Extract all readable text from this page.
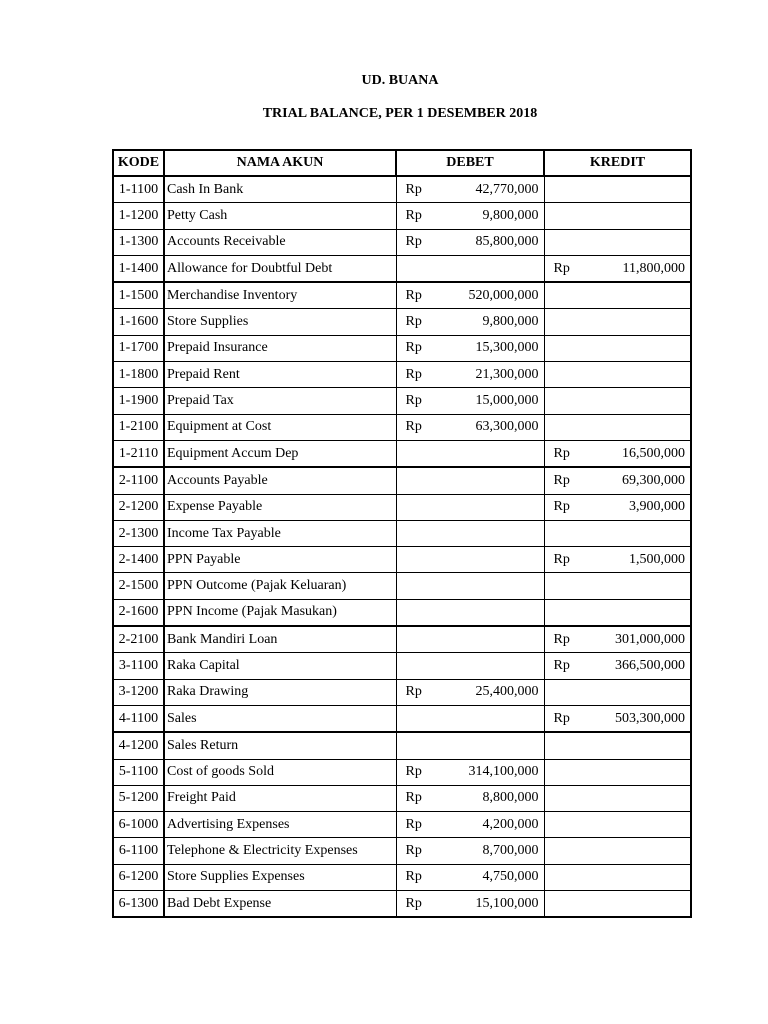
UD. BUANA
TRIAL BALANCE, PER 1 DESEMBER 2018
KODE	NAMA AKUN	DEBET		KREDIT	
1-1100	Cash In Bank	Rp	42,770,000		
1-1200	Petty Cash	Rp	9,800,000		
1-1300	Accounts Receivable	Rp	85,800,000		
1-1400	Allowance for Doubtful Debt			Rp	11,800,000
1-1500	Merchandise Inventory	Rp	520,000,000		
1-1600	Store Supplies	Rp	9,800,000		
1-1700	Prepaid Insurance	Rp	15,300,000		
1-1800	Prepaid Rent	Rp	21,300,000		
1-1900	Prepaid Tax	Rp	15,000,000		
1-2100	Equipment at Cost	Rp	63,300,000		
1-2110	Equipment Accum Dep			Rp	16,500,000
2-1100	Accounts Payable			Rp	69,300,000
2-1200	Expense Payable			Rp	3,900,000
2-1300	Income Tax Payable				
2-1400	PPN Payable			Rp	1,500,000
2-1500	PPN Outcome (Pajak Keluaran)				
2-1600	PPN Income (Pajak Masukan)				
2-2100	Bank Mandiri Loan			Rp	301,000,000
3-1100	Raka Capital			Rp	366,500,000
3-1200	Raka Drawing	Rp	25,400,000		
4-1100	Sales			Rp	503,300,000
4-1200	Sales Return				
5-1100	Cost of goods Sold	Rp	314,100,000		
5-1200	Freight Paid	Rp	8,800,000		
6-1000	Advertising Expenses	Rp	4,200,000		
6-1100	Telephone & Electricity Expenses	Rp	8,700,000		
6-1200	Store Supplies Expenses	Rp	4,750,000		
6-1300	Bad Debt Expense	Rp	15,100,000		
